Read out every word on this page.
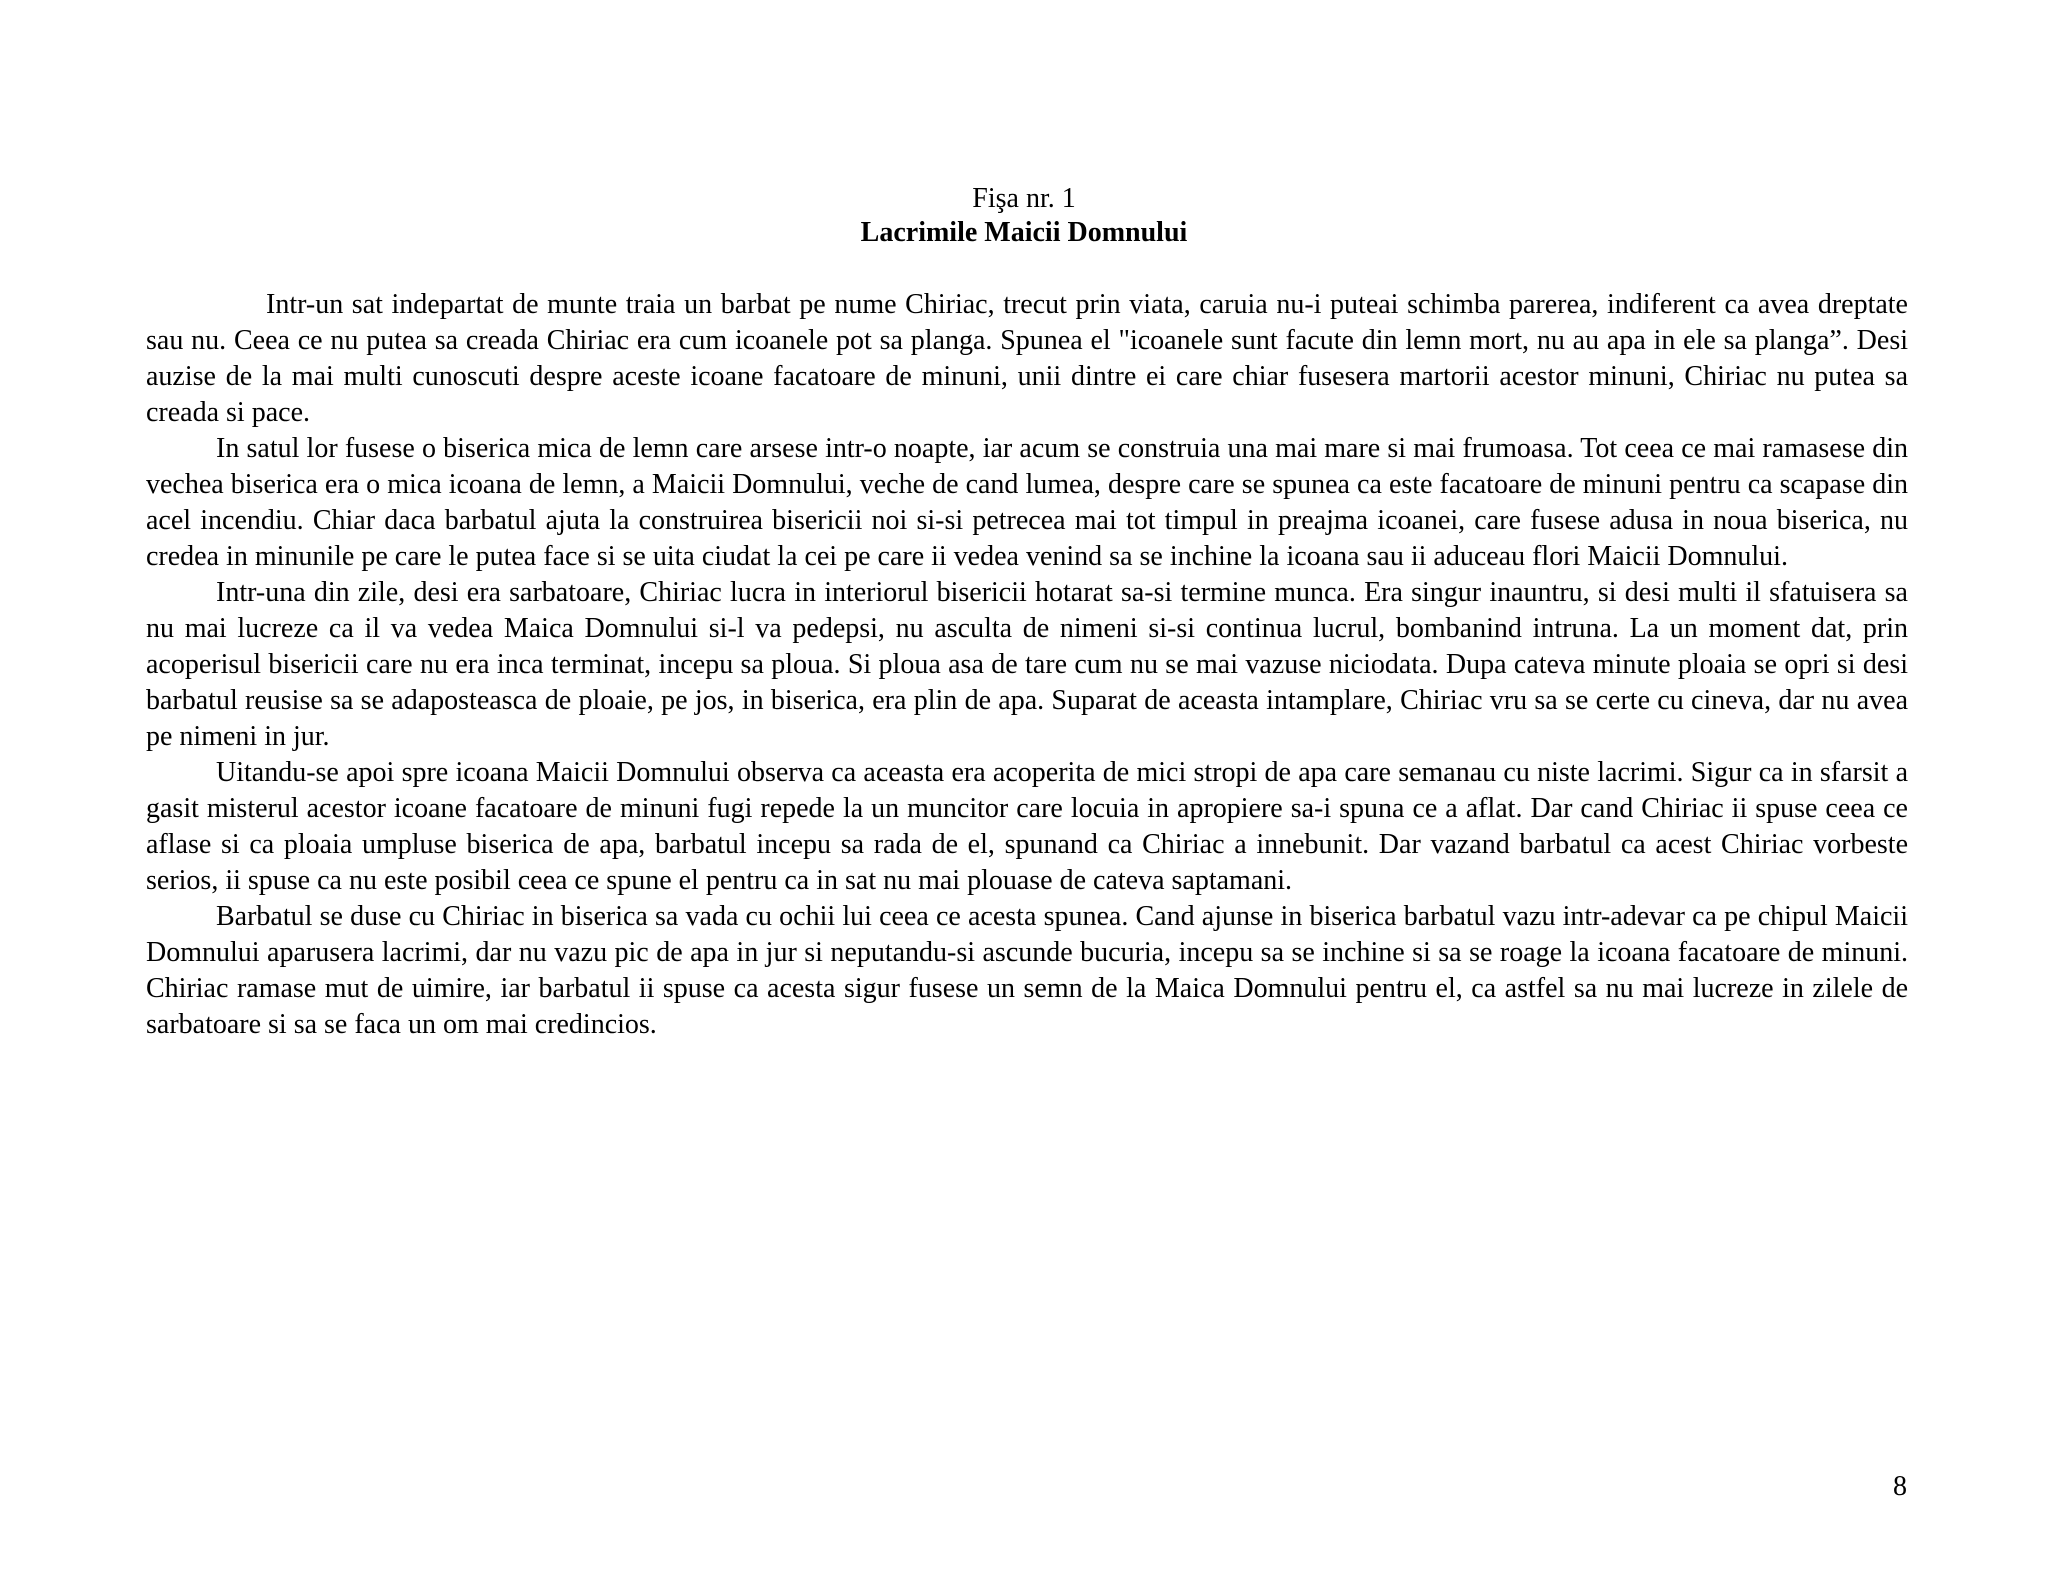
Fişa nr. 1

Lacrimile Maicii Domnului

Intr-un sat indepartat de munte traia un barbat pe nume Chiriac, trecut prin viata, caruia nu-i puteai schimba parerea, indiferent ca avea dreptate sau nu. Ceea ce nu putea sa creada Chiriac era cum icoanele pot sa planga. Spunea el "icoanele sunt facute din lemn mort, nu au apa in ele sa planga”. Desi auzise de la mai multi cunoscuti despre aceste icoane facatoare de minuni, unii dintre ei care chiar fusesera martorii acestor minuni, Chiriac nu putea sa creada si pace.

In satul lor fusese o biserica mica de lemn care arsese intr-o noapte, iar acum se construia una mai mare si mai frumoasa. Tot ceea ce mai ramasese din vechea biserica era o mica icoana de lemn, a Maicii Domnului, veche de cand lumea, despre care se spunea ca este facatoare de minuni pentru ca scapase din acel incendiu. Chiar daca barbatul ajuta la construirea bisericii noi si-si petrecea mai tot timpul in preajma icoanei, care fusese adusa in noua biserica, nu credea in minunile pe care le putea face si se uita ciudat la cei pe care ii vedea venind sa se inchine la icoana sau ii aduceau flori Maicii Domnului.

Intr-una din zile, desi era sarbatoare, Chiriac lucra in interiorul bisericii hotarat sa-si termine munca. Era singur inauntru, si desi multi il sfatuisera sa nu mai lucreze ca il va vedea Maica Domnului si-l va pedepsi, nu asculta de nimeni si-si continua lucrul, bombanind intruna. La un moment dat, prin acoperisul bisericii care nu era inca terminat, incepu sa ploua. Si ploua asa de tare cum nu se mai vazuse niciodata. Dupa cateva minute ploaia se opri si desi barbatul reusise sa se adaposteasca de ploaie, pe jos, in biserica, era plin de apa. Suparat de aceasta intamplare, Chiriac vru sa se certe cu cineva, dar nu avea pe nimeni in jur.

Uitandu-se apoi spre icoana Maicii Domnului observa ca aceasta era acoperita de mici stropi de apa care semanau cu niste lacrimi. Sigur ca in sfarsit a gasit misterul acestor icoane facatoare de minuni fugi repede la un muncitor care locuia in apropiere sa-i spuna ce a aflat. Dar cand Chiriac ii spuse ceea ce aflase si ca ploaia umpluse biserica de apa, barbatul incepu sa rada de el, spunand ca Chiriac a innebunit. Dar vazand barbatul ca acest Chiriac vorbeste serios, ii spuse ca nu este posibil ceea ce spune el pentru ca in sat nu mai plouase de cateva saptamani.

Barbatul se duse cu Chiriac in biserica sa vada cu ochii lui ceea ce acesta spunea. Cand ajunse in biserica barbatul vazu intr-adevar ca pe chipul Maicii Domnului aparusera lacrimi, dar nu vazu pic de apa in jur si neputandu-si ascunde bucuria, incepu sa se inchine si sa se roage la icoana facatoare de minuni. Chiriac ramase mut de uimire, iar barbatul ii spuse ca acesta sigur fusese un semn de la Maica Domnului pentru el, ca astfel sa nu mai lucreze in zilele de sarbatoare si sa se faca un om mai credincios.

8
